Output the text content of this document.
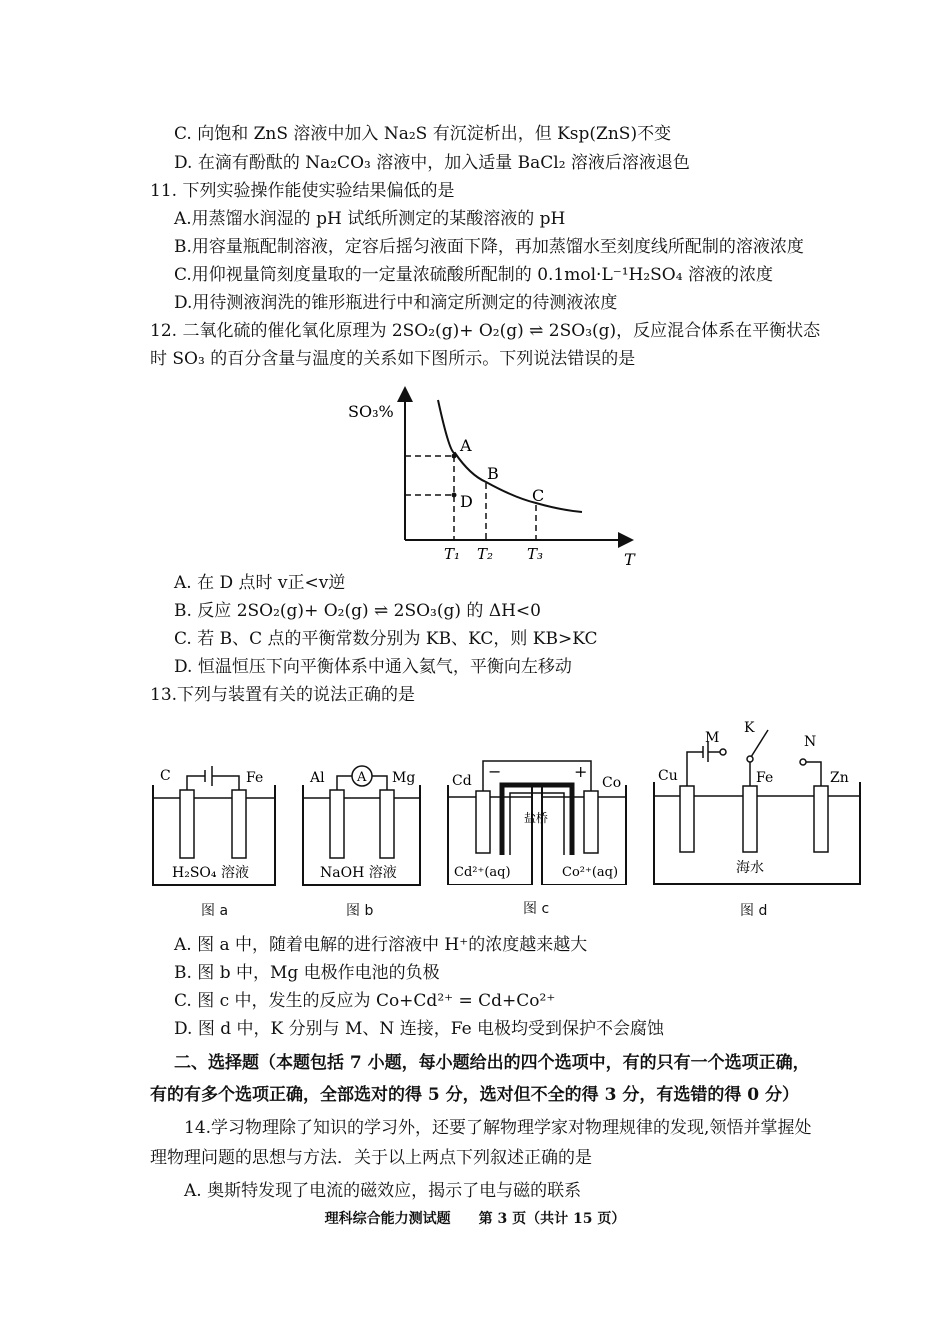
C. 向饱和 ZnS 溶液中加入 Na₂S 有沉淀析出，但 Ksp(ZnS)不变
D. 在滴有酚酞的 Na₂CO₃ 溶液中，加入适量 BaCl₂ 溶液后溶液退色
11. 下列实验操作能使实验结果偏低的是
A.用蒸馏水润湿的 pH 试纸所测定的某酸溶液的 pH
B.用容量瓶配制溶液，定容后摇匀液面下降，再加蒸馏水至刻度线所配制的溶液浓度
C.用仰视量筒刻度量取的一定量浓硫酸所配制的 0.1mol·L⁻¹H₂SO₄ 溶液的浓度
D.用待测液润洗的锥形瓶进行中和滴定所测定的待测液浓度
12. 二氧化硫的催化氧化原理为 2SO₂(g)+ O₂(g) ⇌ 2SO₃(g)，反应混合体系在平衡状态
时 SO₃ 的百分含量与温度的关系如下图所示。下列说法错误的是
SO₃%
T
A
B
C
D
T₁ T₂ T₃
A. 在 D 点时 v正<v逆
B. 反应 2SO₂(g)+ O₂(g) ⇌ 2SO₃(g) 的 ΔH<0
C. 若 B、C 点的平衡常数分别为 KB、KC，则 KB>KC
D. 恒温恒压下向平衡体系中通入氦气，平衡向左移动
13.下列与装置有关的说法正确的是
C	Fe
H₂SO₄ 溶液
图 a
A
Al	Mg
NaOH 溶液
图 b
Cd	Co
−	+
盐桥
Cd²⁺(aq)	Co²⁺(aq)
图 c
M
K
N
Cu	Fe	Zn
海水
图 d
A. 图 a 中，随着电解的进行溶液中 H⁺的浓度越来越大
B. 图 b 中，Mg 电极作电池的负极
C. 图 c 中，发生的反应为 Co+Cd²⁺ = Cd+Co²⁺
D. 图 d 中，K 分别与 M、N 连接，Fe 电极均受到保护不会腐蚀
二、选择题（本题包括 7 小题，每小题给出的四个选项中，有的只有一个选项正确，
有的有多个选项正确，全部选对的得 5 分，选对但不全的得 3 分，有选错的得 0 分）
14.学习物理除了知识的学习外，还要了解物理学家对物理规律的发现,领悟并掌握处
理物理问题的思想与方法．关于以上两点下列叙述正确的是
A. 奥斯特发现了电流的磁效应，揭示了电与磁的联系
理科综合能力测试题　　第 3 页（共计 15 页）
